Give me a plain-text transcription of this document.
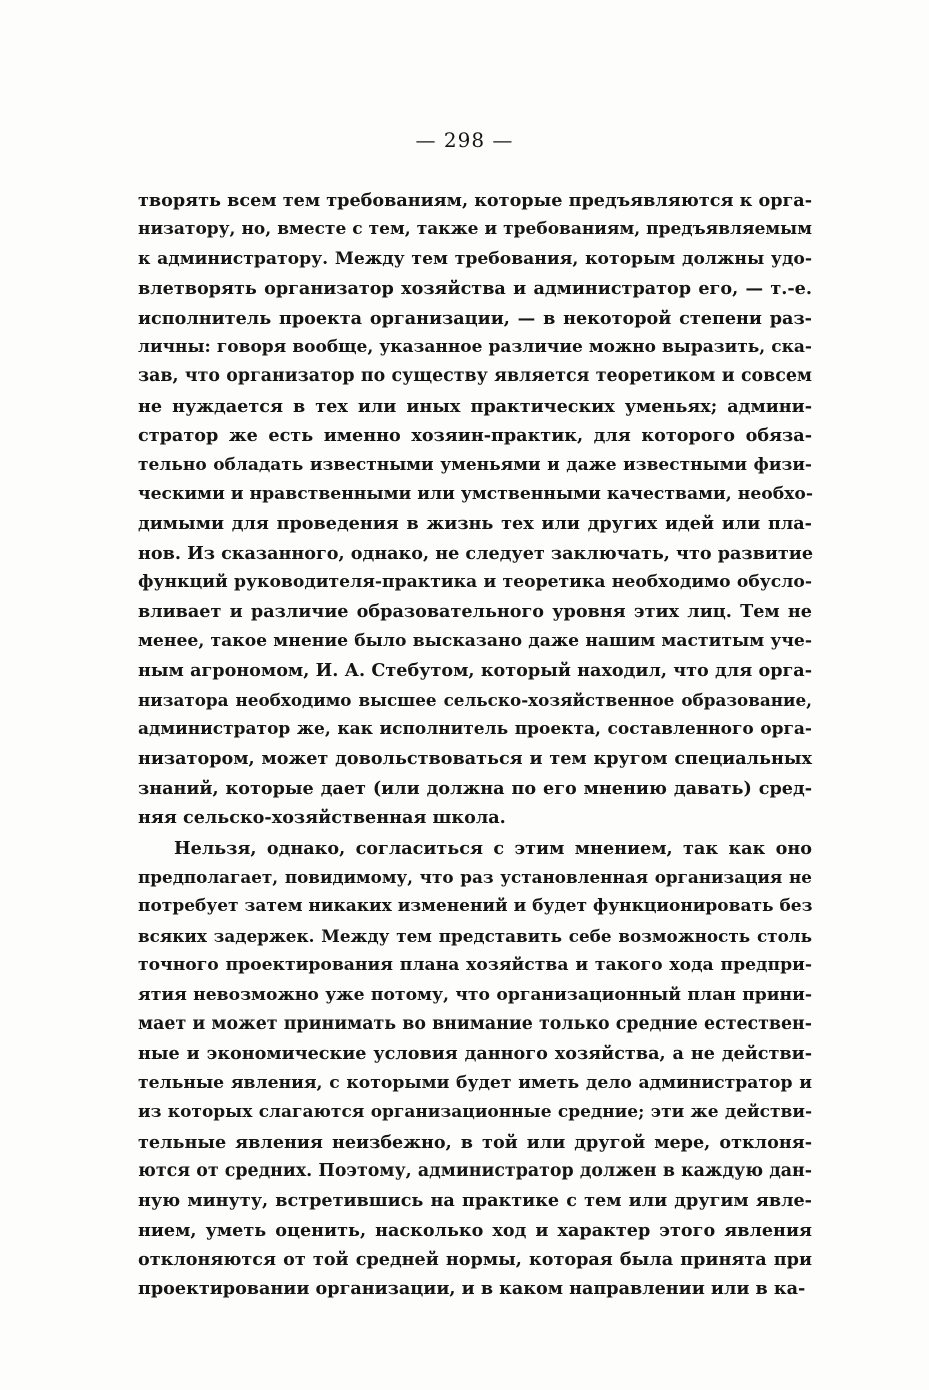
— 298 —
творять всем тем требованиям, которые предъявляются к орга-
низатору, но, вместе с тем, также и требованиям, предъявляемым
к администратору. Между тем требования, которым должны удо-
влетворять организатор хозяйства и администратор его, — т.-е.
исполнитель проекта организации, — в некоторой степени раз-
личны: говоря вообще, указанное различие можно выразить, ска-
зав, что организатор по существу является теоретиком и совсем
не нуждается в тех или иных практических уменьях; админи-
стратор же есть именно хозяин-практик, для которого обяза-
тельно обладать известными уменьями и даже известными физи-
ческими и нравственными или умственными качествами, необхо-
димыми для проведения в жизнь тех или других идей или пла-
нов. Из сказанного, однако, не следует заключать, что развитие
функций руководителя-практика и теоретика необходимо обусло-
вливает и различие образовательного уровня этих лиц. Тем не
менее, такое мнение было высказано даже нашим маститым уче-
ным агрономом, И. А. Стебутом, который находил, что для орга-
низатора необходимо высшее сельско-хозяйственное образование,
администратор же, как исполнитель проекта, составленного орга-
низатором, может довольствоваться и тем кругом специальных
знаний, которые дает (или должна по его мнению давать) сред-
няя сельско-хозяйственная школа.
Нельзя, однако, согласиться с этим мнением, так как оно
предполагает, повидимому, что раз установленная организация не
потребует затем никаких изменений и будет функционировать без
всяких задержек. Между тем представить себе возможность столь
точного проектирования плана хозяйства и такого хода предпри-
ятия невозможно уже потому, что организационный план прини-
мает и может принимать во внимание только средние естествен-
ные и экономические условия данного хозяйства, а не действи-
тельные явления, с которыми будет иметь дело администратор и
из которых слагаются организационные средние; эти же действи-
тельные явления неизбежно, в той или другой мере, отклоня-
ются от средних. Поэтому, администратор должен в каждую дан-
ную минуту, встретившись на практике с тем или другим явле-
нием, уметь оценить, насколько ход и характер этого явления
отклоняются от той средней нормы, которая была принята при
проектировании организации, и в каком направлении или в ка-
